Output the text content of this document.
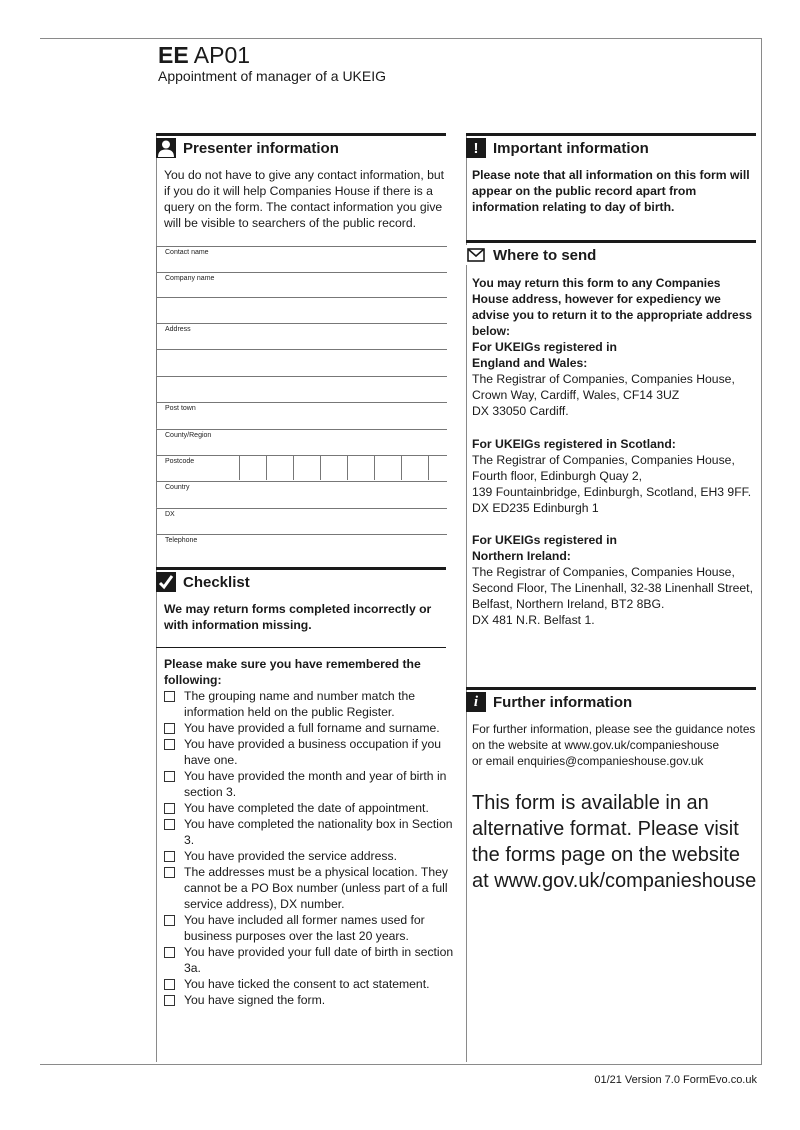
EE AP01
Appointment of manager of a UKEIG
Presenter information
You do not have to give any contact information, but if you do it will help Companies House if there is a query on the form. The contact information you give will be visible to searchers of the public record.
Contact name
Company name
Address
Post town
County/Region
Postcode
Country
DX
Telephone
Checklist
We may return forms completed incorrectly or with information missing.
Please make sure you have remembered the following:
The grouping name and number match the information held on the public Register.
You have provided a full forname and surname.
You have provided a business occupation if you have one.
You have provided the month and year of birth in section 3.
You have completed the date of appointment.
You have completed the nationality box in Section 3.
You have provided the service address.
The addresses must be a physical location. They cannot be a PO Box number (unless part of a full service address), DX number.
You have included all former names used for business purposes over the last 20 years.
You have provided your full date of birth in section 3a.
You have ticked the consent to act statement.
You have signed the form.
! Important information
Please note that all information on this form will appear on the public record apart from information relating to day of birth.
Where to send
You may return this form to any Companies House address, however for expediency we advise you to return it to the appropriate address below:
For UKEIGs registered in
England and Wales:
The Registrar of Companies, Companies House,
Crown Way, Cardiff, Wales, CF14 3UZ
DX 33050 Cardiff.
For UKEIGs registered in Scotland:
The Registrar of Companies, Companies House,
Fourth floor, Edinburgh Quay 2,
139 Fountainbridge, Edinburgh, Scotland, EH3 9FF.
DX ED235 Edinburgh 1
For UKEIGs registered in
Northern Ireland:
The Registrar of Companies, Companies House,
Second Floor, The Linenhall, 32-38 Linenhall Street,
Belfast, Northern Ireland, BT2 8BG.
DX 481 N.R. Belfast 1.
i Further information
For further information, please see the guidance notes
on the website at www.gov.uk/companieshouse
or email enquiries@companieshouse.gov.uk
This form is available in an alternative format. Please visit the forms page on the website at www.gov.uk/companieshouse
01/21 Version 7.0 FormEvo.co.uk
